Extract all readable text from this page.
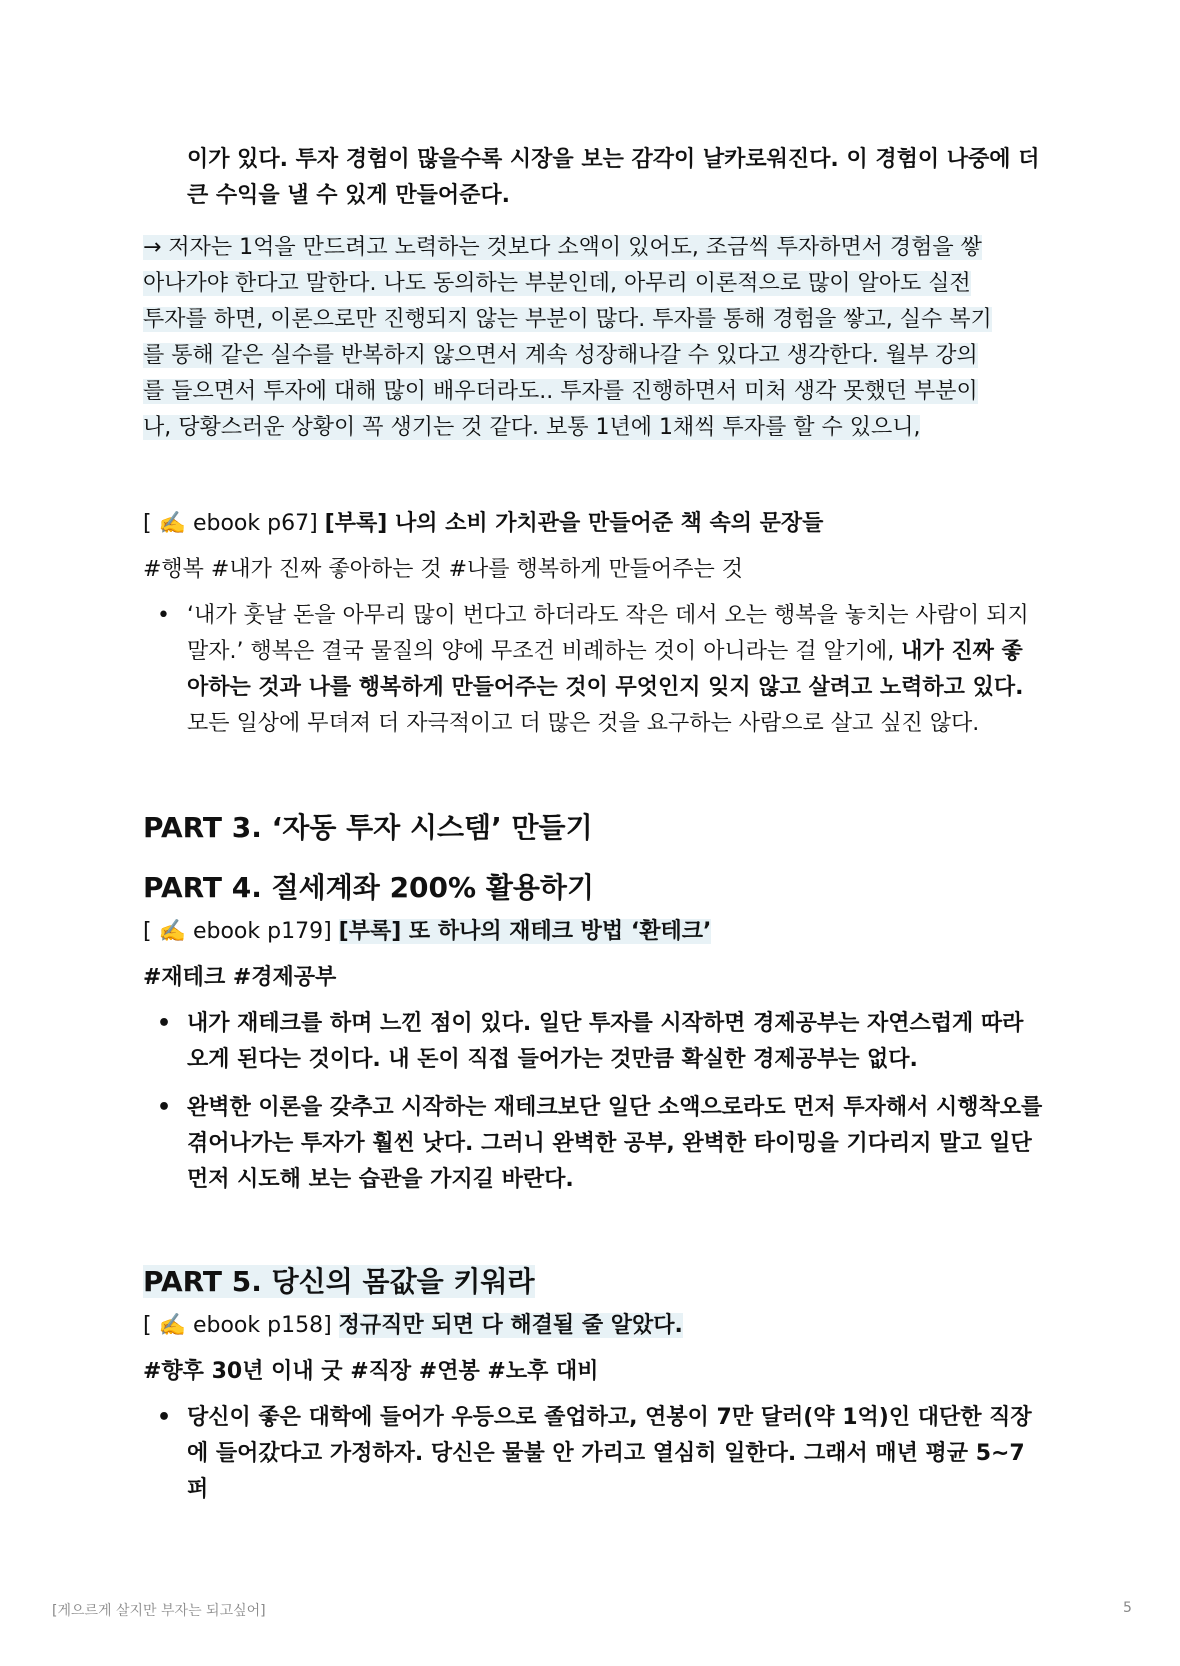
이가 있다. 투자 경험이 많을수록 시장을 보는 감각이 날카로워진다. 이 경험이 나중에 더

큰 수익을 낼 수 있게 만들어준다.

→ 저자는 1억을 만드려고 노력하는 것보다 소액이 있어도, 조금씩 투자하면서 경험을 쌓아나가야 한다고 말한다. 나도 동의하는 부분인데, 아무리 이론적으로 많이 알아도 실전 투자를 하면, 이론으로만 진행되지 않는 부분이 많다. 투자를 통해 경험을 쌓고, 실수 복기를 통해 같은 실수를 반복하지 않으면서 계속 성장해나갈 수 있다고 생각한다. 월부 강의를 들으면서 투자에 대해 많이 배우더라도.. 투자를 진행하면서 미처 생각 못했던 부분이나, 당황스러운 상황이 꼭 생기는 것 같다. 보통 1년에 1채씩 투자를 할 수 있으니,

[ ✍️ ebook p67] [부록] 나의 소비 가치관을 만들어준 책 속의 문장들

#행복 #내가 진짜 좋아하는 것 #나를 행복하게 만들어주는 것

• ‘내가 훗날 돈을 아무리 많이 번다고 하더라도 작은 데서 오는 행복을 놓치는 사람이 되지 말자.’ 행복은 결국 물질의 양에 무조건 비례하는 것이 아니라는 걸 알기에, 내가 진짜 좋아하는 것과 나를 행복하게 만들어주는 것이 무엇인지 잊지 않고 살려고 노력하고 있다. 모든 일상에 무뎌져 더 자극적이고 더 많은 것을 요구하는 사람으로 살고 싶진 않다.

PART 3. ‘자동 투자 시스템’ 만들기

PART 4. 절세계좌 200% 활용하기

[ ✍️ ebook p179] [부록] 또 하나의 재테크 방법 ‘환테크’

#재테크 #경제공부

• 내가 재테크를 하며 느낀 점이 있다. 일단 투자를 시작하면 경제공부는 자연스럽게 따라오게 된다는 것이다. 내 돈이 직접 들어가는 것만큼 확실한 경제공부는 없다.
• 완벽한 이론을 갖추고 시작하는 재테크보단 일단 소액으로라도 먼저 투자해서 시행착오를 겪어나가는 투자가 훨씬 낫다. 그러니 완벽한 공부, 완벽한 타이밍을 기다리지 말고 일단 먼저 시도해 보는 습관을 가지길 바란다.

PART 5. 당신의 몸값을 키워라

[ ✍️ ebook p158] 정규직만 되면 다 해결될 줄 알았다.

#향후 30년 이내 굿 #직장 #연봉 #노후 대비

• 당신이 좋은 대학에 들어가 우등으로 졸업하고, 연봉이 7만 달러(약 1억)인 대단한 직장에 들어갔다고 가정하자. 당신은 물불 안 가리고 열심히 일한다. 그래서 매년 평균 5~7퍼
[게으르게 살지만 부자는 되고싶어]	5
